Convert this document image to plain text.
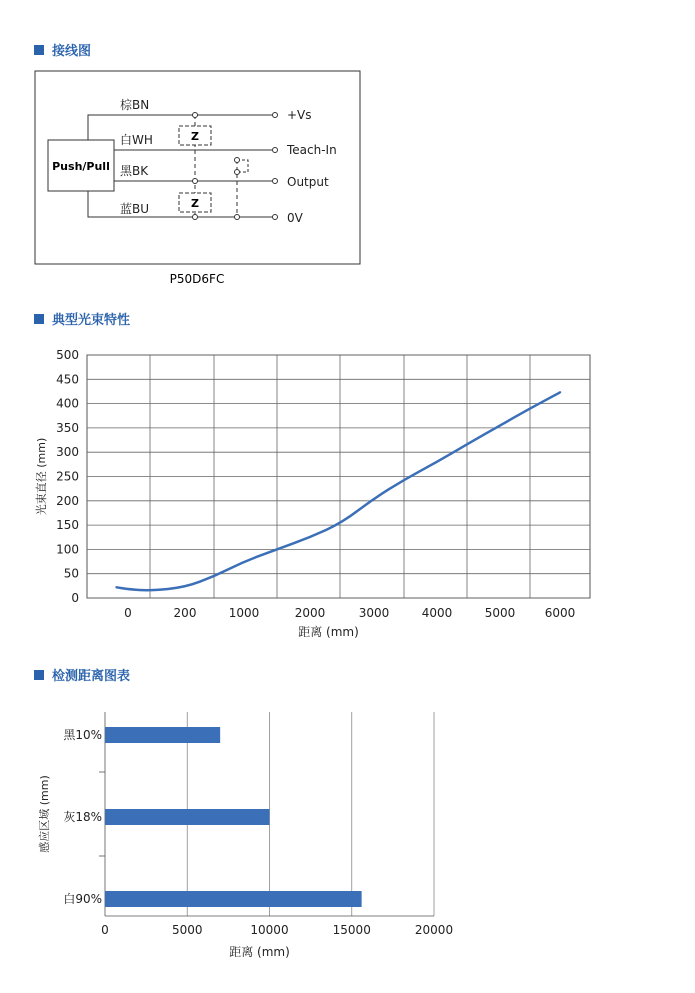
接线图
Push/Pull
Z
Z
棕BN
白WH
黑BK
蓝BU
+Vs
Teach-In
Output
0V
P50D6FC
典型光束特性
0
50
100
150
200
250
300
350
400
450
500
0	200	1000	2000	3000	4000	5000 6000
距离 (mm)
光束直径 (mm)
检测距离图表
0	5000	10000	15000	20000
黑10%
灰18%
白90%
距离 (mm)
感应区域 (mm)
